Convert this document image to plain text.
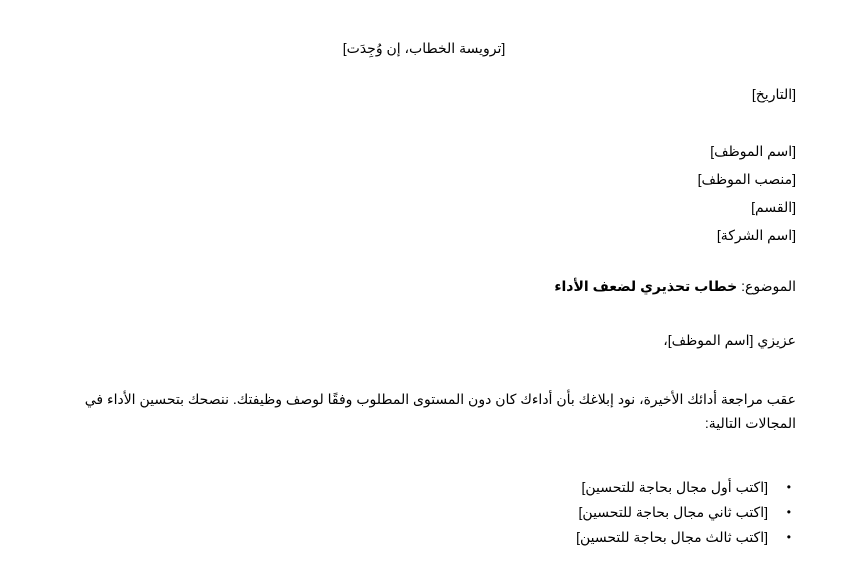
[ترويسة الخطاب، إن وُجِدَت]
[التاريخ]
[اسم الموظف]
[منصب الموظف]
[القسم]
[اسم الشركة]
الموضوع: خطاب تحذيري لضعف الأداء
عزيزي [اسم الموظف]،
عقب مراجعة أدائك الأخيرة، نود إبلاغك بأن أداءك كان دون المستوى المطلوب وفقًا لوصف وظيفتك. ننصحك بتحسين الأداء في المجالات التالية:
•
[اكتب أول مجال بحاجة للتحسين]
•
[اكتب ثاني مجال بحاجة للتحسين]
•
[اكتب ثالث مجال بحاجة للتحسين]
